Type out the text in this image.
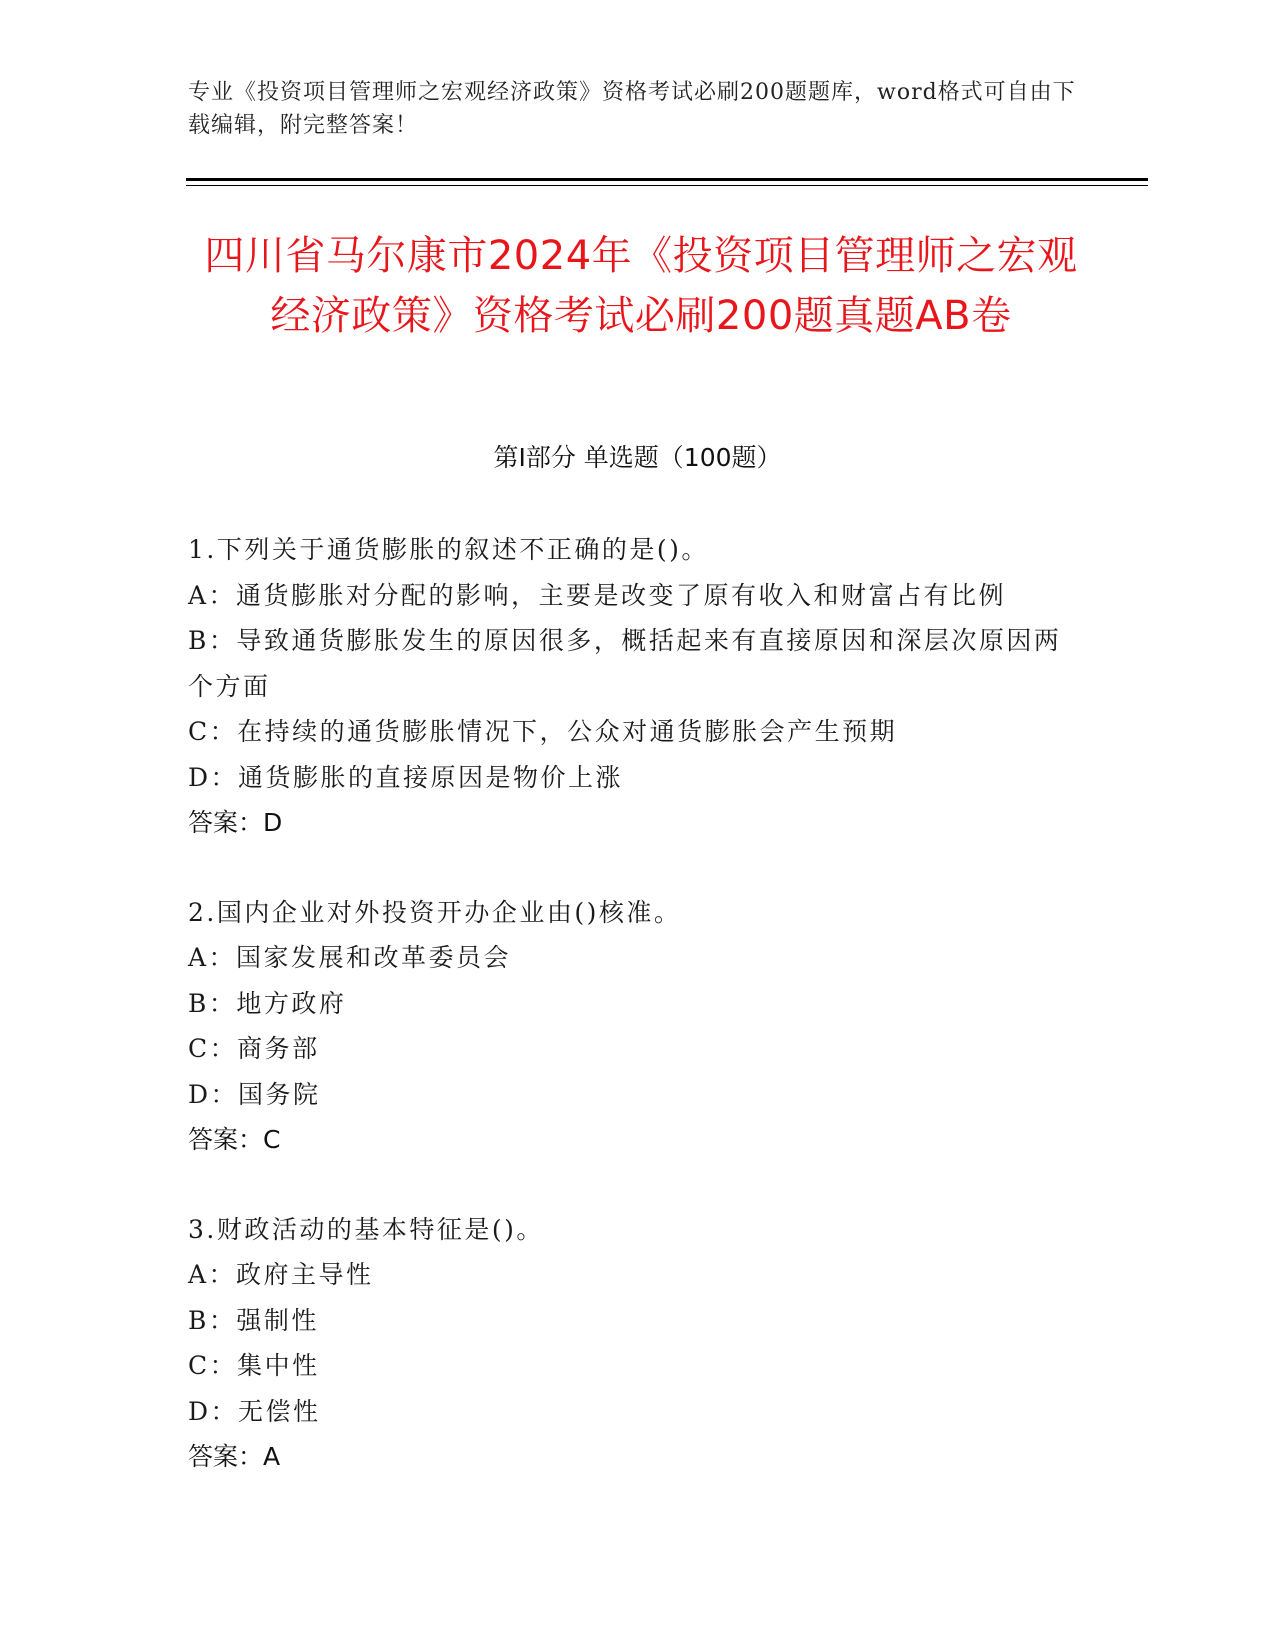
专业《投资项目管理师之宏观经济政策》资格考试必刷200题题库，word格式可自由下载编辑，附完整答案！
四川省马尔康市2024年《投资项目管理师之宏观经济政策》资格考试必刷200题真题AB卷
第I部分 单选题（100题）
1.下列关于通货膨胀的叙述不正确的是()。
A：通货膨胀对分配的影响，主要是改变了原有收入和财富占有比例
B：导致通货膨胀发生的原因很多，概括起来有直接原因和深层次原因两个方面
C：在持续的通货膨胀情况下，公众对通货膨胀会产生预期
D：通货膨胀的直接原因是物价上涨
答案：D
2.国内企业对外投资开办企业由()核准。
A：国家发展和改革委员会
B：地方政府
C：商务部
D：国务院
答案：C
3.财政活动的基本特征是()。
A：政府主导性
B：强制性
C：集中性
D：无偿性
答案：A
